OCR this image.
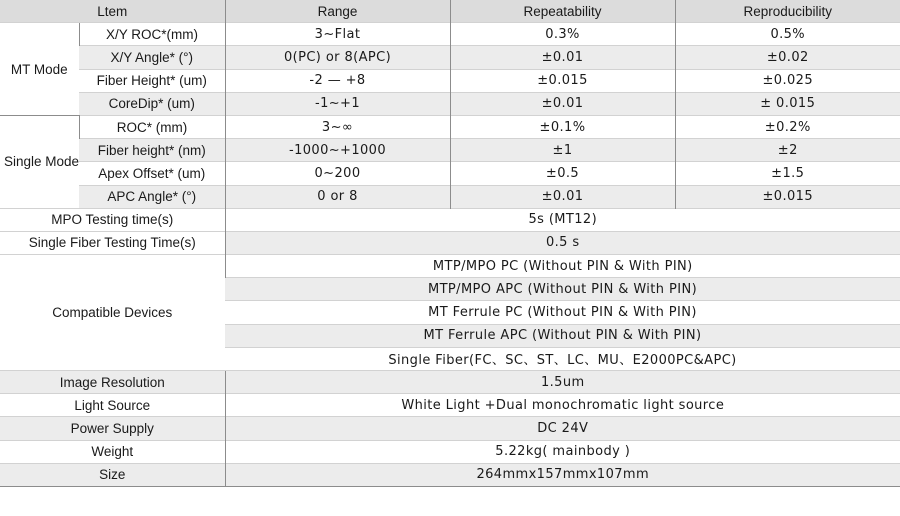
Ltem		Range	Repeatability	Reproducibility
MT Mode	X/Y ROC*(mm)	3~Flat	0.3%	0.5%
	X/Y Angle* (°)	0(PC) or 8(APC)	±0.01	±0.02
	Fiber Height* (um)	-2 — +8	±0.015	±0.025
	CoreDip* (um)	-1~+1	±0.01	± 0.015
Single Mode	ROC* (mm)	3~∞	±0.1%	±0.2%
	Fiber height* (nm)	-1000~+1000	±1	±2
	Apex Offset* (um)	0~200	±0.5	±1.5
	APC Angle* (°)	0 or 8	±0.01	±0.015
MPO Testing time(s)		5s (MT12)		
Single Fiber Testing Time(s)		0.5 s		
Compatible Devices		MTP/MPO PC (Without PIN & With PIN)		
		MTP/MPO APC (Without PIN & With PIN)		
		MT Ferrule PC (Without PIN & With PIN)		
		MT Ferrule APC (Without PIN & With PIN)		
		Single Fiber(FC、SC、ST、LC、MU、E2000PC&APC)		
Image Resolution		1.5um		
Light Source		White Light +Dual monochromatic light source		
Power Supply		DC 24V		
Weight		5.22kg( mainbody )		
Size		264mmx157mmx107mm		
